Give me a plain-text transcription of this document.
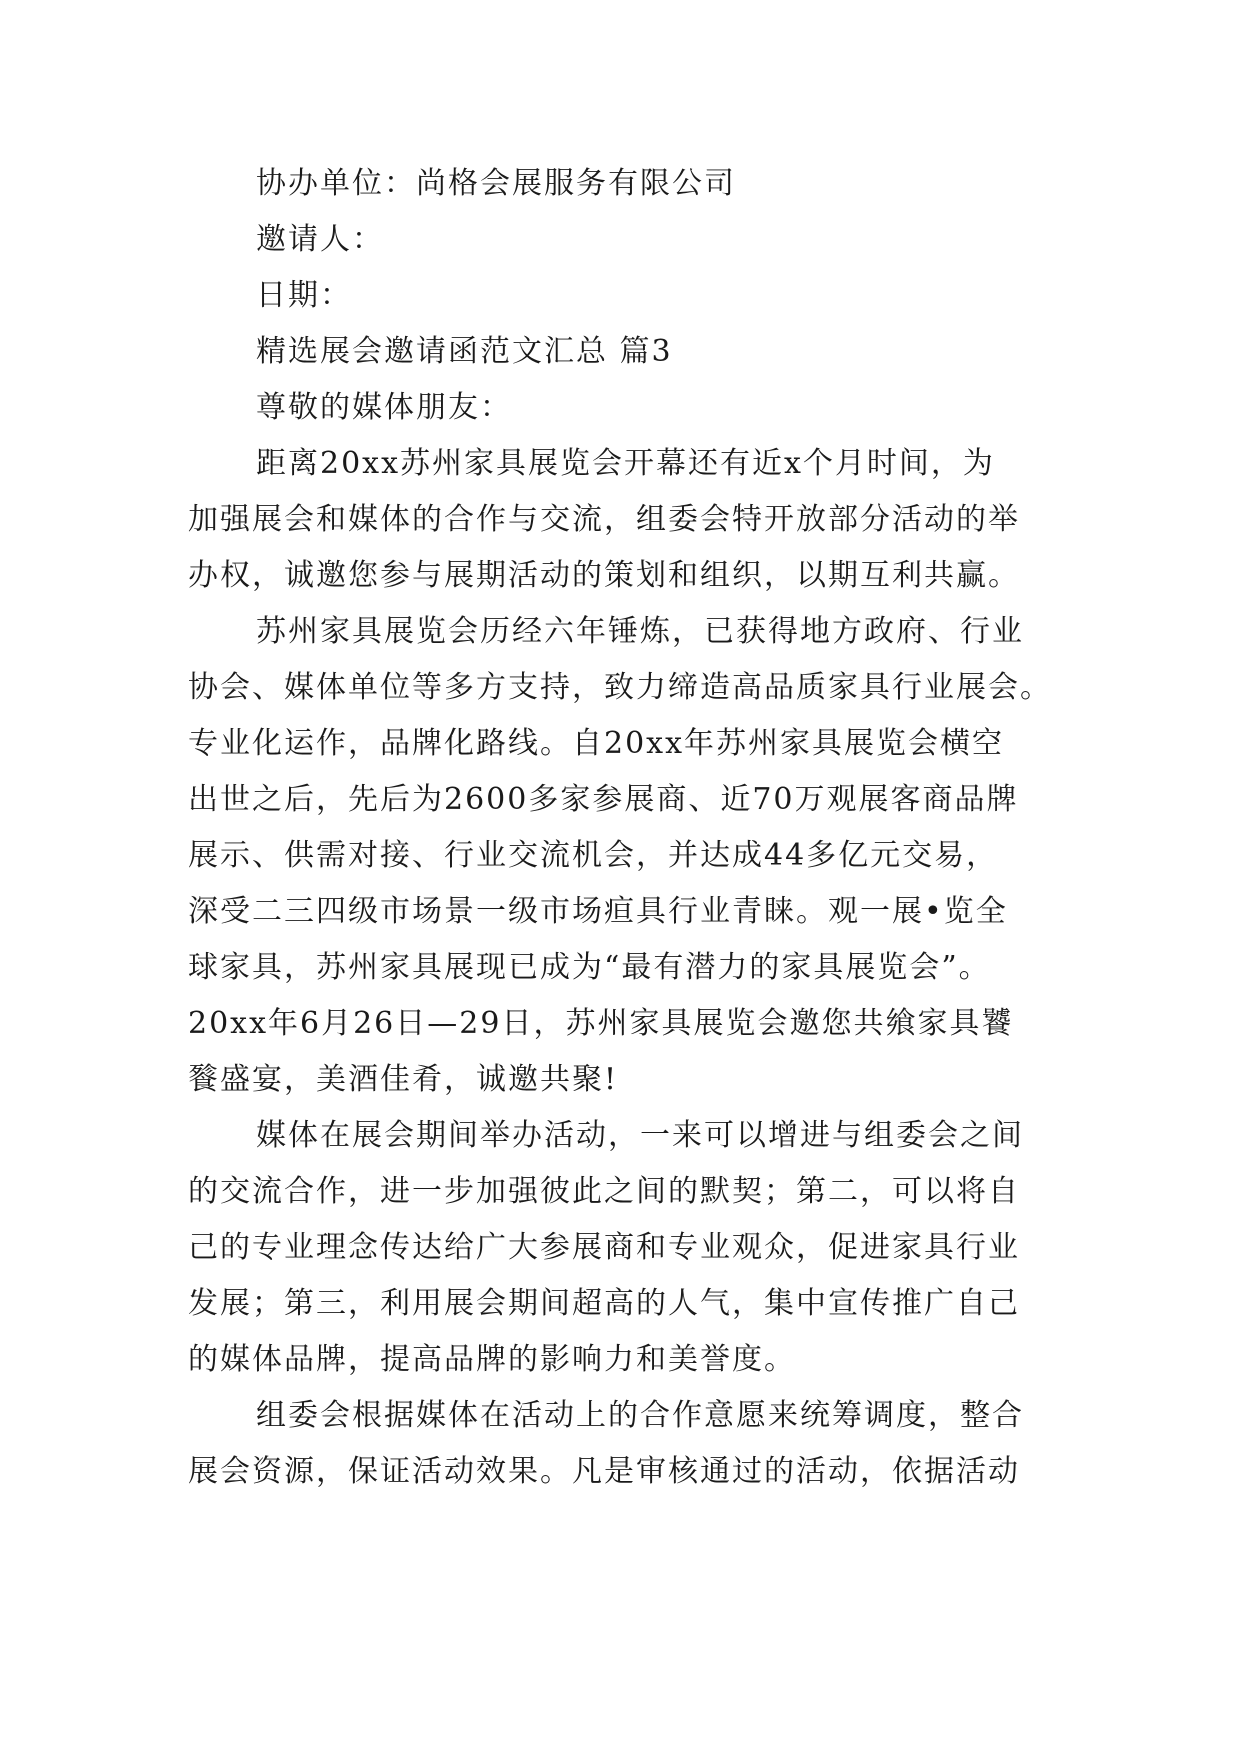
协办单位：尚格会展服务有限公司
邀请人：
日期：
精选展会邀请函范文汇总 篇3
尊敬的媒体朋友：
距离20xx苏州家具展览会开幕还有近x个月时间，为
加强展会和媒体的合作与交流，组委会特开放部分活动的举
办权，诚邀您参与展期活动的策划和组织，以期互利共赢。
苏州家具展览会历经六年锤炼，已获得地方政府、行业
协会、媒体单位等多方支持，致力缔造高品质家具行业展会。
专业化运作，品牌化路线。自20xx年苏州家具展览会横空
出世之后，先后为2600多家参展商、近70万观展客商品牌
展示、供需对接、行业交流机会，并达成44多亿元交易，
深受二三四级市场景一级市场疸具行业青睐。观一展•览全
球家具，苏州家具展现已成为“最有潜力的家具展览会”。
20xx年6月26日—29日，苏州家具展览会邀您共飨家具饕
餮盛宴，美酒佳肴，诚邀共聚!
媒体在展会期间举办活动，一来可以增进与组委会之间
的交流合作，进一步加强彼此之间的默契；第二，可以将自
己的专业理念传达给广大参展商和专业观众，促进家具行业
发展；第三，利用展会期间超高的人气，集中宣传推广自己
的媒体品牌，提高品牌的影响力和美誉度。
组委会根据媒体在活动上的合作意愿来统筹调度，整合
展会资源，保证活动效果。凡是审核通过的活动，依据活动
